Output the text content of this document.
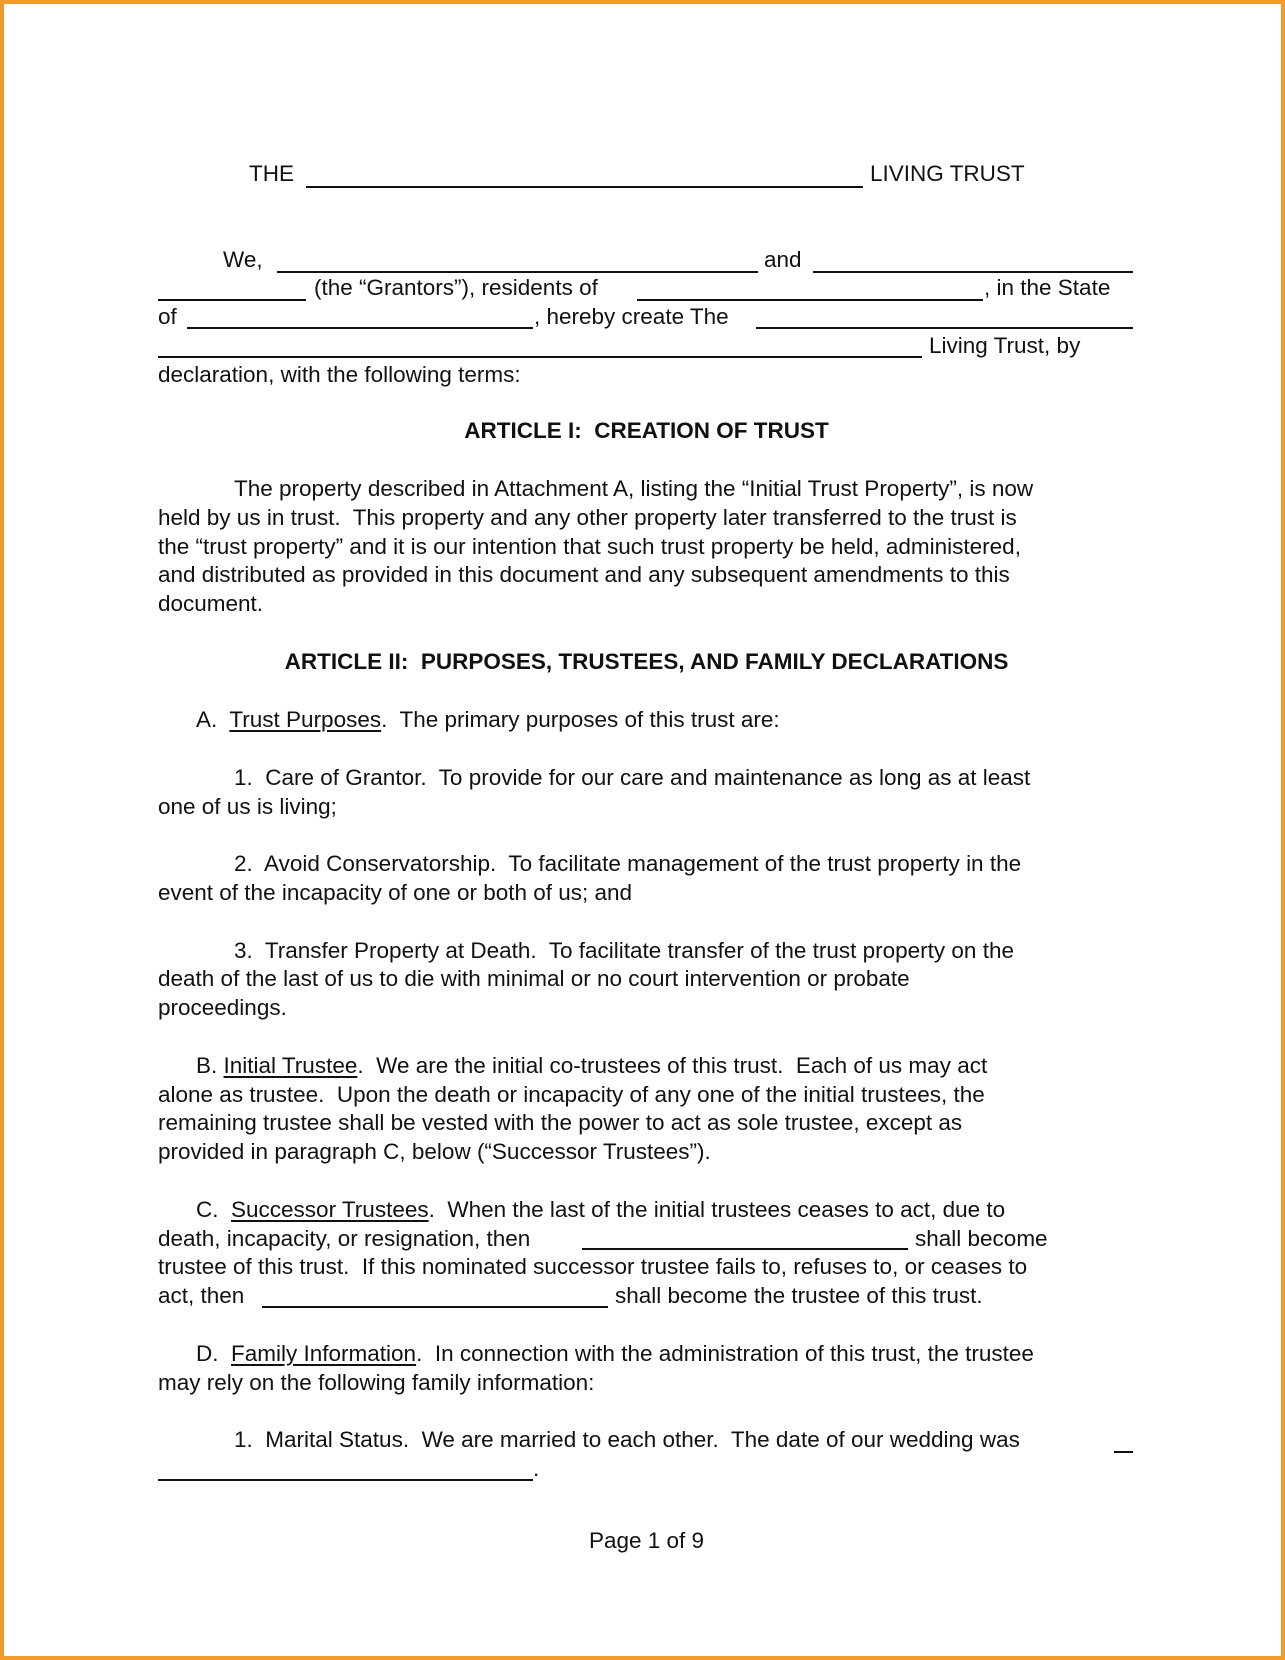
THE	LIVING TRUST
We,	and
(the “Grantors”), residents of	, in the State
of	, hereby create The
Living Trust, by
declaration, with the following terms:
ARTICLE I:  CREATION OF TRUST
The property described in Attachment A, listing the “Initial Trust Property”, is now
held by us in trust.  This property and any other property later transferred to the trust is
the “trust property” and it is our intention that such trust property be held, administered,
and distributed as provided in this document and any subsequent amendments to this
document.
ARTICLE II:  PURPOSES, TRUSTEES, AND FAMILY DECLARATIONS
A. Trust Purposes.  The primary purposes of this trust are:
1.  Care of Grantor.  To provide for our care and maintenance as long as at least
one of us is living;
2.  Avoid Conservatorship.  To facilitate management of the trust property in the
event of the incapacity of one or both of us; and
3.  Transfer Property at Death.  To facilitate transfer of the trust property on the
death of the last of us to die with minimal or no court intervention or probate
proceedings.
B. Initial Trustee.  We are the initial co-trustees of this trust.  Each of us may act
alone as trustee.  Upon the death or incapacity of any one of the initial trustees, the
remaining trustee shall be vested with the power to act as sole trustee, except as
provided in paragraph C, below (“Successor Trustees”).
C. Successor Trustees.  When the last of the initial trustees ceases to act, due to
death, incapacity, or resignation, then	shall become
trustee of this trust.  If this nominated successor trustee fails to, refuses to, or ceases to
act, then	shall become the trustee of this trust.
D. Family Information.  In connection with the administration of this trust, the trustee
may rely on the following family information:
1.  Marital Status.  We are married to each other.  The date of our wedding was
.
Page 1 of 9
